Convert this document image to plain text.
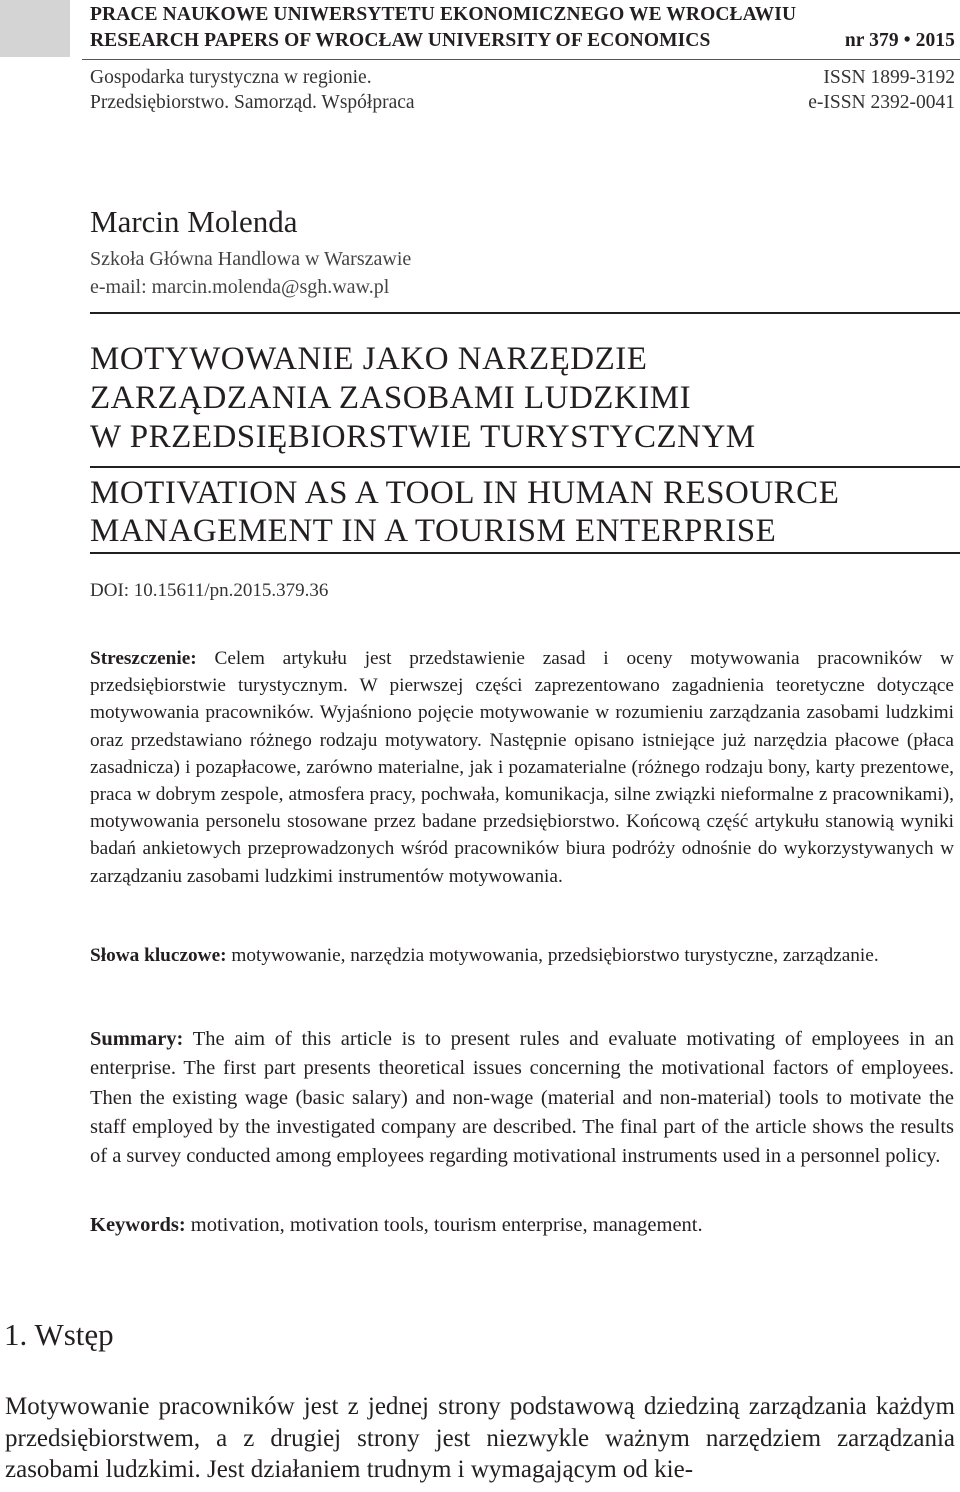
PRACE NAUKOWE UNIWERSYTETU EKONOMICZNEGO WE WROCŁAWIU
RESEARCH PAPERS OF WROCŁAW UNIVERSITY OF ECONOMICS	nr 379 • 2015
Gospodarka turystyczna w regionie.
Przedsiębiorstwo. Samorząd. Współpraca
ISSN 1899-3192
e-ISSN 2392-0041
Marcin Molenda
Szkoła Główna Handlowa w Warszawie
e-mail: marcin.molenda@sgh.waw.pl
MOTYWOWANIE JAKO NARZĘDZIE
ZARZĄDZANIA ZASOBAMI LUDZKIMI
W PRZEDSIĘBIORSTWIE TURYSTYCZNYM
MOTIVATION AS A TOOL IN HUMAN RESOURCE
MANAGEMENT IN A TOURISM ENTERPRISE
DOI: 10.15611/pn.2015.379.36
Streszczenie: Celem artykułu jest przedstawienie zasad i oceny motywowania pracowników w przedsiębiorstwie turystycznym. W pierwszej części zaprezentowano zagadnienia teoretyczne dotyczące motywowania pracowników. Wyjaśniono pojęcie motywowanie w rozumieniu zarządzania zasobami ludzkimi oraz przedstawiano różnego rodzaju motywatory. Następnie opisano istniejące już narzędzia płacowe (płaca zasadnicza) i pozapłacowe, zarówno materialne, jak i pozamaterialne (różnego rodzaju bony, karty prezentowe, praca w dobrym zespole, atmosfera pracy, pochwała, komunikacja, silne związki nieformalne z pracownikami), motywowania personelu stosowane przez badane przedsiębiorstwo. Końcową część artykułu stanowią wyniki badań ankietowych przeprowadzonych wśród pracowników biura podróży odnośnie do wykorzystywanych w zarządzaniu zasobami ludzkimi instrumentów motywowania.
Słowa kluczowe: motywowanie, narzędzia motywowania, przedsiębiorstwo turystyczne, zarządzanie.
Summary: The aim of this article is to present rules and evaluate motivating of employees in an enterprise. The first part presents theoretical issues concerning the motivational factors of employees. Then the existing wage (basic salary) and non-wage (material and non-material) tools to motivate the staff employed by the investigated company are described. The final part of the article shows the results of a survey conducted among employees regarding motivational instruments used in a personnel policy.
Keywords: motivation, motivation tools, tourism enterprise, management.
1. Wstęp
Motywowanie pracowników jest z jednej strony podstawową dziedziną zarządzania każdym przedsiębiorstwem, a z drugiej strony jest niezwykle ważnym narzędziem zarządzania zasobami ludzkimi. Jest działaniem trudnym i wymagającym od kie-
